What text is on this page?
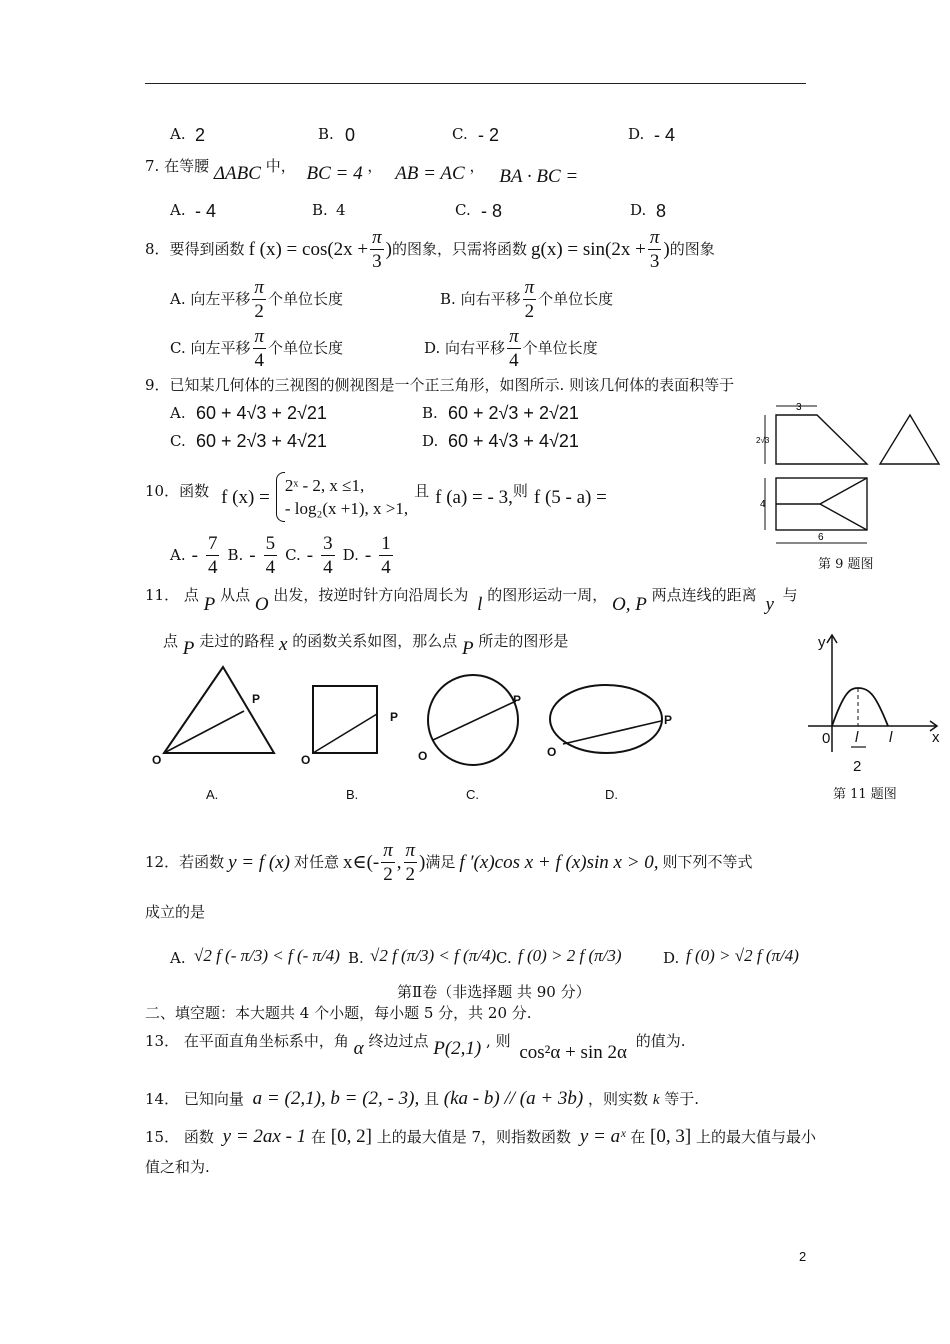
A. 2	B. 0	C. - 2	D. - 4
7. 在等腰 ΔABC 中， BC = 4 ， AB = AC ， BA · BC =
A. - 4	B. 4	C. - 8	D. 8
8． 要得到函数 f $(x) = \cos(2x + \frac{\pi}{3}$ ) 的图象，只需将函数 $g(x) = \sin(2x + \frac{\pi}{3}$ ) 的图象
A.
向左平移 $\frac{\pi}{2}$ 个单位长度	B.
向右平移 $\frac{\pi}{2}$ 个单位长度
C.
向左平移 $\frac{\pi}{4}$ 个单位长度	D.
向右平移 $\frac{\pi}{4}$ 个单位长度
9．已知某几何体的三视图的侧视图是一个正三角形，如图所示. 则该几何体的表面积等于
A. 60 + 4√3 + 2√21	B. 60 + 2√3 + 2√21
C. 60 + 2√3 + 4√21	D. 60 + 4√3 + 4√21
3
2√3
4
6
第 9 题图
10． 函数 f (x) =
2ˣ - 2, x ≤1,
- log₂(x +1), x >1,
且 f (a) = - 3, 则 f (5 - a) =
A. - $\frac{7}{4} B$. - $\frac{5}{4} C$. - $\frac{3}{4} D$. - $\frac{1}{4}$
11． 点 P 从点 O 出发，按逆时针方向沿周长为 l 的图形运动一周， O, P 两点连线的距离 y 与
点 P 走过的路程 x 的函数关系如图，那么点 P 所走的图形是
O
P
O
P
O
P
O
P
A.	B.	C.	D.
y
x
0 l
2
l
第 11 题图
12． 若函数 y = f (x) 对任意 x∈(- $\frac{\pi}{2}$ , $\frac{\pi}{2}$ ) 满足 f ′(x)cos x + f (x)sin x > 0, 则下列不等式
成立的是
A. √2 f (- π/3) < f (- π/4) B. √2 f (π/3) < f (π/4) C. f (0) > 2 f (π/3)	D. f (0) > √2 f (π/4)
第Ⅱ卷（非选择题 共 90 分）
二、填空题：本大题共 4 个小题，每小题 5 分，共 20 分.
13． 在平面直角坐标系中，角 α 终边过点 P(2,1) , 则 cos²α + sin 2α 的值为.
14． 已知向量 a = (2,1), b = (2, - 3), 且 (ka - b) // (a + 3b) ，则实数 k 等于.
15． 函数 y = 2ax - 1 在 [0, 2] 上的最大值是 7，则指数函数 y = aˣ 在 [0, 3] 上的最大值与最小
值之和为.
2
